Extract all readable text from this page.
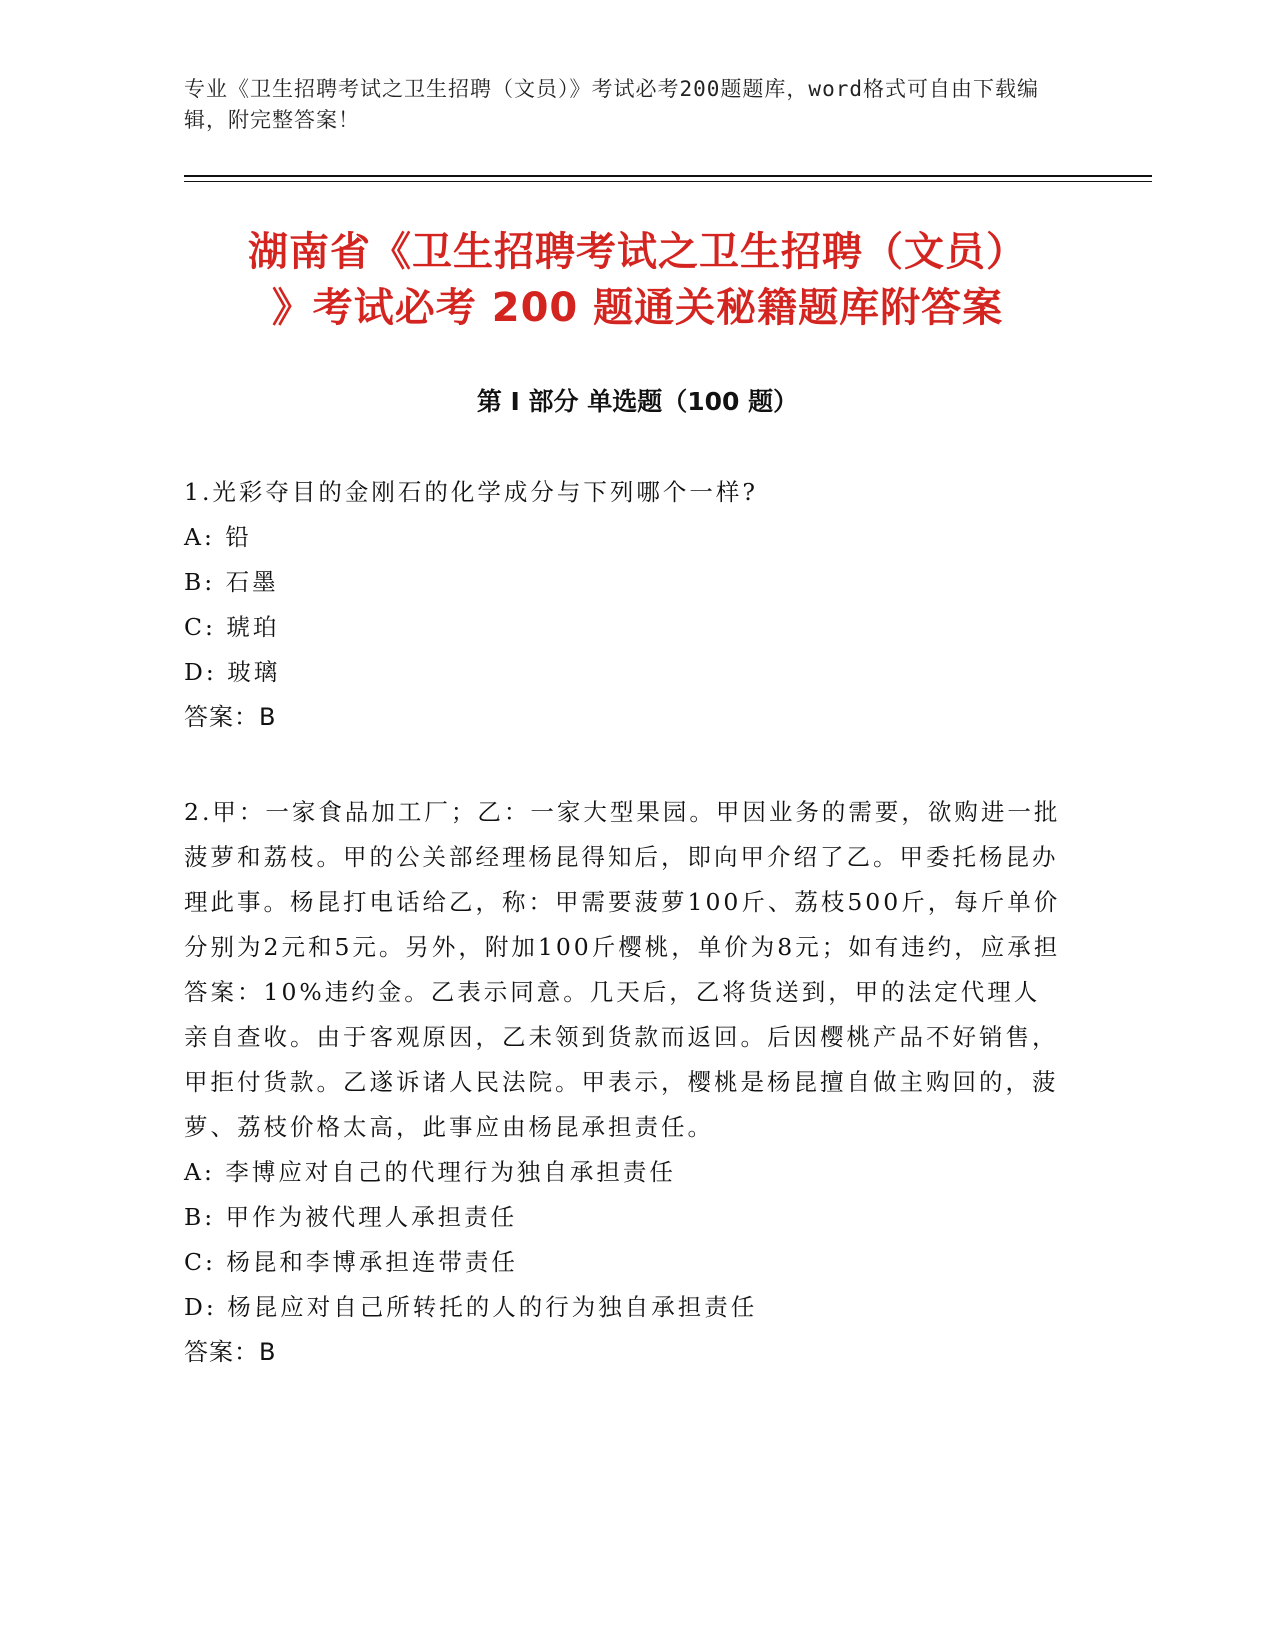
专业《卫生招聘考试之卫生招聘（文员）》考试必考200题题库，word格式可自由下载编辑，附完整答案！
湖南省《卫生招聘考试之卫生招聘（文员）
》考试必考 200 题通关秘籍题库附答案
第 I 部分 单选题（100 题）
1.光彩夺目的金刚石的化学成分与下列哪个一样?
A: 铅
B: 石墨
C: 琥珀
D: 玻璃
答案：B
2.甲：一家食品加工厂；乙：一家大型果园。甲因业务的需要，欲购进一批菠萝和荔枝。甲的公关部经理杨昆得知后，即向甲介绍了乙。甲委托杨昆办理此事。杨昆打电话给乙，称：甲需要菠萝100斤、荔枝500斤，每斤单价分别为2元和5元。另外，附加100斤樱桃，单价为8元；如有违约，应承担答案：10%违约金。乙表示同意。几天后，乙将货送到，甲的法定代理人亲自查收。由于客观原因，乙未领到货款而返回。后因樱桃产品不好销售，甲拒付货款。乙遂诉诸人民法院。甲表示，樱桃是杨昆擅自做主购回的，菠萝、荔枝价格太高，此事应由杨昆承担责任。
A: 李博应对自己的代理行为独自承担责任
B: 甲作为被代理人承担责任
C: 杨昆和李博承担连带责任
D: 杨昆应对自己所转托的人的行为独自承担责任
答案：B
